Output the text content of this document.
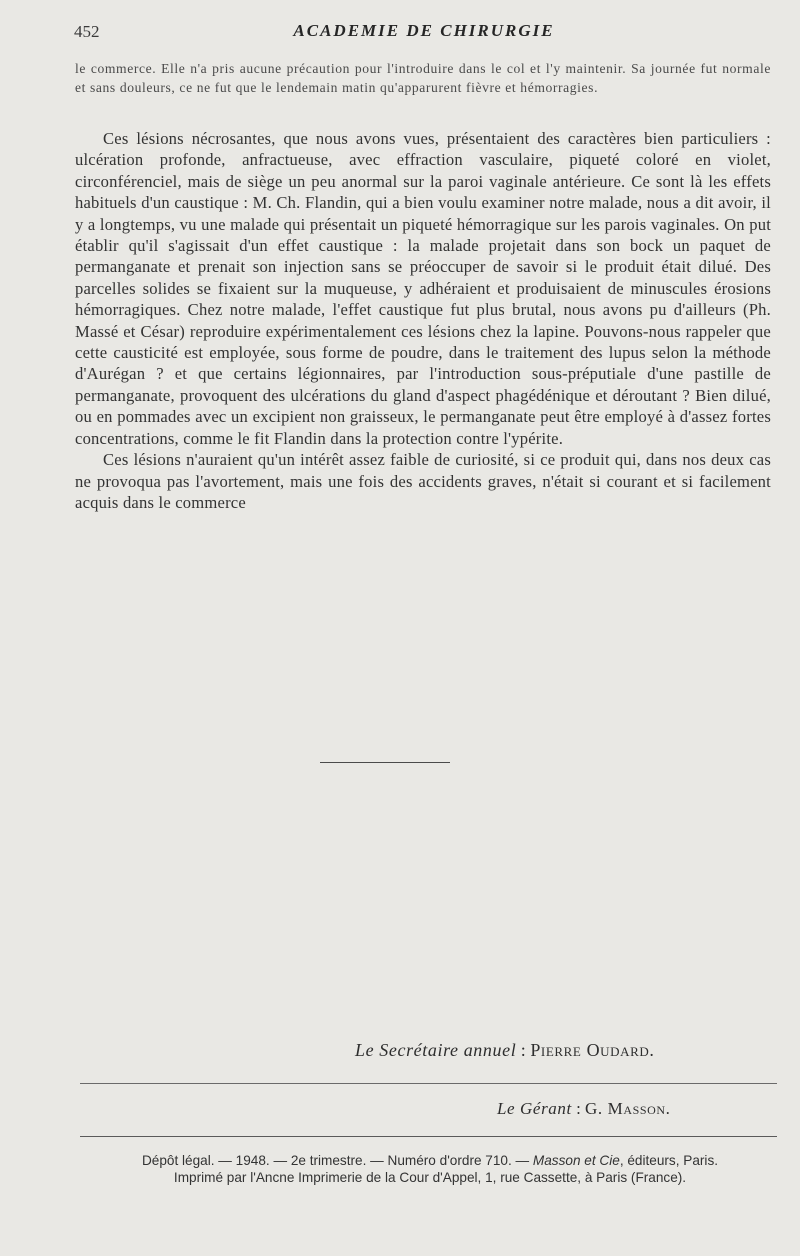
452	ACADEMIE DE CHIRURGIE

le commerce. Elle n'a pris aucune précaution pour l'introduire dans le col et l'y maintenir. Sa journée fut normale et sans douleurs, ce ne fut que le lendemain matin qu'apparurent fièvre et hémorragies.

Ces lésions nécrosantes, que nous avons vues, présentaient des caractères bien particuliers : ulcération profonde, anfractueuse, avec effraction vasculaire, piqueté coloré en violet, circonférenciel, mais de siège un peu anormal sur la paroi vaginale antérieure. Ce sont là les effets habituels d'un caustique : M. Ch. Flandin, qui a bien voulu examiner notre malade, nous a dit avoir, il y a longtemps, vu une malade qui présentait un piqueté hémorragique sur les parois vaginales. On put établir qu'il s'agissait d'un effet caustique : la malade projetait dans son bock un paquet de permanganate et prenait son injection sans se préoccuper de savoir si le produit était dilué. Des parcelles solides se fixaient sur la muqueuse, y adhéraient et produisaient de minuscules érosions hémorragiques. Chez notre malade, l'effet caustique fut plus brutal, nous avons pu d'ailleurs (Ph. Massé et César) reproduire expérimentalement ces lésions chez la lapine. Pouvons-nous rappeler que cette causticité est employée, sous forme de poudre, dans le traitement des lupus selon la méthode d'Aurégan ? et que certains légionnaires, par l'introduction sous-préputiale d'une pastille de permanganate, provoquent des ulcérations du gland d'aspect phagédénique et déroutant ? Bien dilué, ou en pommades avec un excipient non graisseux, le permanganate peut être employé à d'assez fortes concentrations, comme le fit Flandin dans la protection contre l'ypérite.

Ces lésions n'auraient qu'un intérêt assez faible de curiosité, si ce produit qui, dans nos deux cas ne provoqua pas l'avortement, mais une fois des accidents graves, n'était si courant et si facilement acquis dans le commerce

Le Secrétaire annuel : Pierre Oudard.
Le Gérant : G. Masson.
Dépôt légal. — 1948. — 2e trimestre. — Numéro d'ordre 710. — Masson et Cie, éditeurs, Paris.
Imprimé par l'Ancne Imprimerie de la Cour d'Appel, 1, rue Cassette, à Paris (France).
